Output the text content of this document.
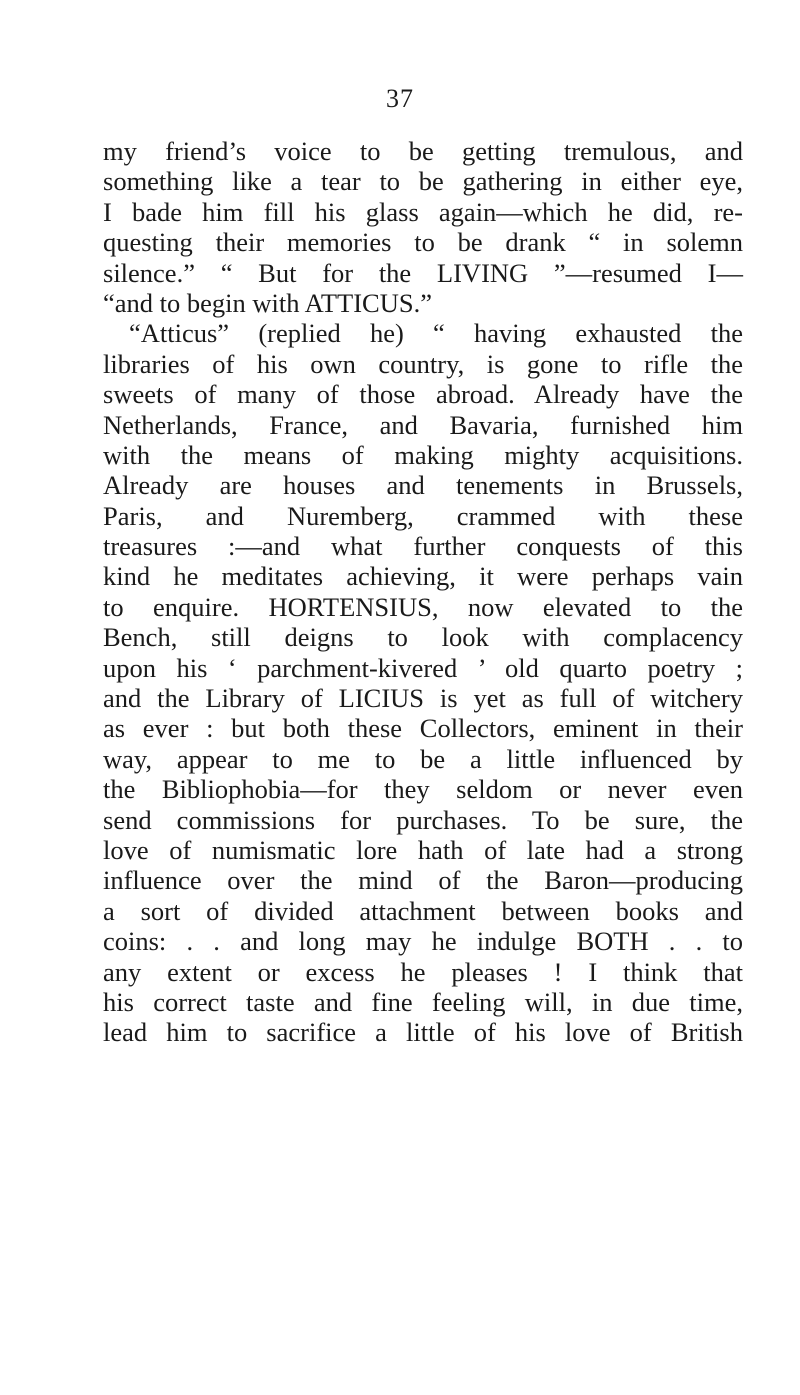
37
my friend’s voice to be getting tremulous, and
something like a tear to be gathering in either eye,
I bade him fill his glass again—which he did, re-
questing their memories to be drank “ in solemn
silence.” “ But for the LIVING ”—resumed I—
“and to begin with ATTICUS.”
“Atticus” (replied he) “ having exhausted the
libraries of his own country, is gone to rifle the
sweets of many of those abroad. Already have the
Netherlands, France, and Bavaria, furnished him
with the means of making mighty acquisitions.
Already are houses and tenements in Brussels,
Paris, and Nuremberg, crammed with these
treasures :—and what further conquests of this
kind he meditates achieving, it were perhaps vain
to enquire. HORTENSIUS, now elevated to the
Bench, still deigns to look with complacency
upon his ‘ parchment-kivered ’ old quarto poetry ;
and the Library of LICIUS is yet as full of witchery
as ever : but both these Collectors, eminent in their
way, appear to me to be a little influenced by
the Bibliophobia—for they seldom or never even
send commissions for purchases. To be sure, the
love of numismatic lore hath of late had a strong
influence over the mind of the Baron—producing
a sort of divided attachment between books and
coins: . . and long may he indulge BOTH . . to
any extent or excess he pleases ! I think that
his correct taste and fine feeling will, in due time,
lead him to sacrifice a little of his love of British
